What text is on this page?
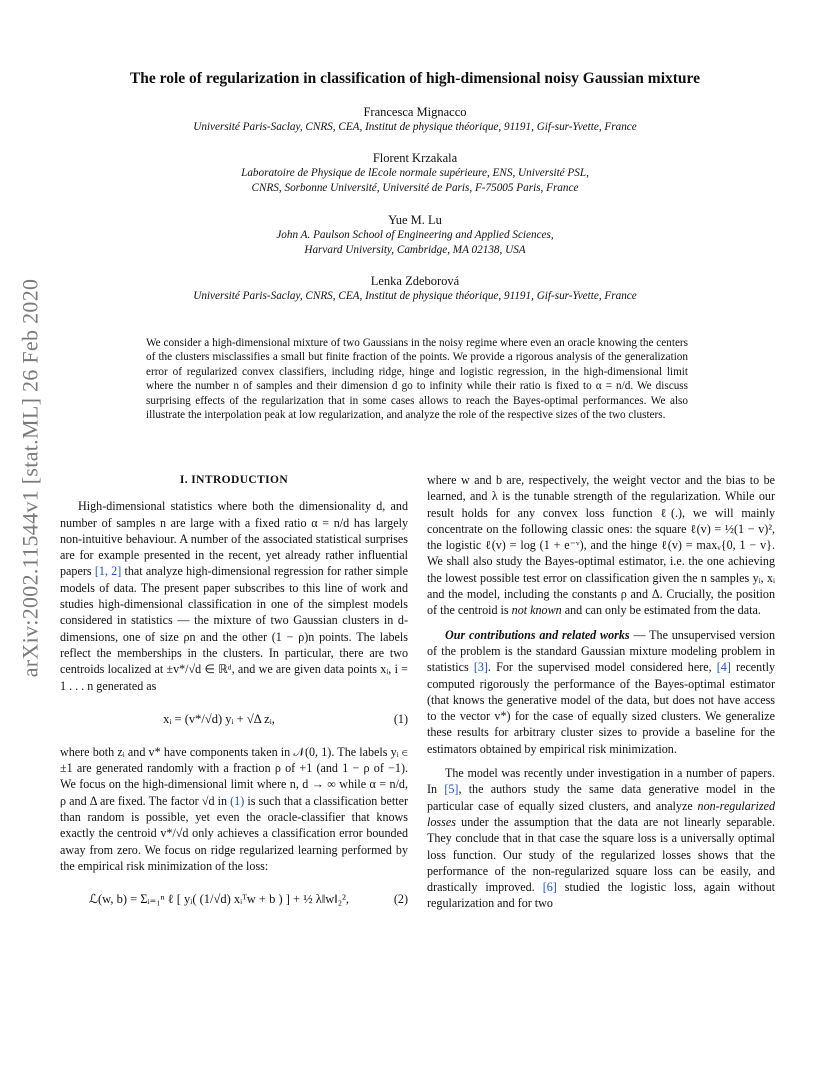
arXiv:2002.11544v1 [stat.ML] 26 Feb 2020
The role of regularization in classification of high-dimensional noisy Gaussian mixture
Francesca Mignacco
Université Paris-Saclay, CNRS, CEA, Institut de physique théorique, 91191, Gif-sur-Yvette, France
Florent Krzakala
Laboratoire de Physique de lEcole normale supérieure, ENS, Université PSL,
CNRS, Sorbonne Université, Université de Paris, F-75005 Paris, France
Yue M. Lu
John A. Paulson School of Engineering and Applied Sciences,
Harvard University, Cambridge, MA 02138, USA
Lenka Zdeborová
Université Paris-Saclay, CNRS, CEA, Institut de physique théorique, 91191, Gif-sur-Yvette, France

We consider a high-dimensional mixture of two Gaussians in the noisy regime where even an oracle knowing the centers of the clusters misclassifies a small but finite fraction of the points. We provide a rigorous analysis of the generalization error of regularized convex classifiers, including ridge, hinge and logistic regression, in the high-dimensional limit where the number n of samples and their dimension d go to infinity while their ratio is fixed to α = n/d. We discuss surprising effects of the regularization that in some cases allows to reach the Bayes-optimal performances. We also illustrate the interpolation peak at low regularization, and analyze the role of the respective sizes of the two clusters.

I. INTRODUCTION

High-dimensional statistics where both the dimensionality d, and number of samples n are large with a fixed ratio α = n/d has largely non-intuitive behaviour. A number of the associated statistical surprises are for example presented in the recent, yet already rather influential papers [1, 2] that analyze high-dimensional regression for rather simple models of data. The present paper subscribes to this line of work and studies high-dimensional classification in one of the simplest models considered in statistics — the mixture of two Gaussian clusters in d-dimensions, one of size ρn and the other (1 − ρ)n points. The labels reflect the memberships in the clusters. In particular, there are two centroids localized at ±v*/√d ∈ ℝᵈ, and we are given data points xᵢ, i = 1 . . . n generated as

xᵢ = (v*/√d) yᵢ + √Δ zᵢ,	(1)

where both zᵢ and v* have components taken in 𝒩(0, 1). The labels yᵢ ∈ ±1 are generated randomly with a fraction ρ of +1 (and 1 − ρ of −1). We focus on the high-dimensional limit where n, d → ∞ while α = n/d, ρ and Δ are fixed. The factor √d in (1) is such that a classification better than random is possible, yet even the oracle-classifier that knows exactly the centroid v*/√d only achieves a classification error bounded away from zero. We focus on ridge regularized learning performed by the empirical risk minimization of the loss:

ℒ(w, b) = Σᵢ₌₁ⁿ ℓ [ yᵢ( (1/√d) xᵢᵀw + b ) ] + ½ λ‖w‖₂²,	(2)

where w and b are, respectively, the weight vector and the bias to be learned, and λ is the tunable strength of the regularization. While our result holds for any convex loss function ℓ(.), we will mainly concentrate on the following classic ones: the square ℓ(v) = ½(1 − v)², the logistic ℓ(v) = log (1 + e⁻ᵛ), and the hinge ℓ(v) = maxᵥ{0, 1 − v}. We shall also study the Bayes-optimal estimator, i.e. the one achieving the lowest possible test error on classification given the n samples yᵢ, xᵢ and the model, including the constants ρ and Δ. Crucially, the position of the centroid is not known and can only be estimated from the data.

Our contributions and related works — The unsupervised version of the problem is the standard Gaussian mixture modeling problem in statistics [3]. For the supervised model considered here, [4] recently computed rigorously the performance of the Bayes-optimal estimator (that knows the generative model of the data, but does not have access to the vector v*) for the case of equally sized clusters. We generalize these results for arbitrary cluster sizes to provide a baseline for the estimators obtained by empirical risk minimization.

The model was recently under investigation in a number of papers. In [5], the authors study the same data generative model in the particular case of equally sized clusters, and analyze non-regularized losses under the assumption that the data are not linearly separable. They conclude that in that case the square loss is a universally optimal loss function. Our study of the regularized losses shows that the performance of the non-regularized square loss can be easily, and drastically improved. [6] studied the logistic loss, again without regularization and for two
